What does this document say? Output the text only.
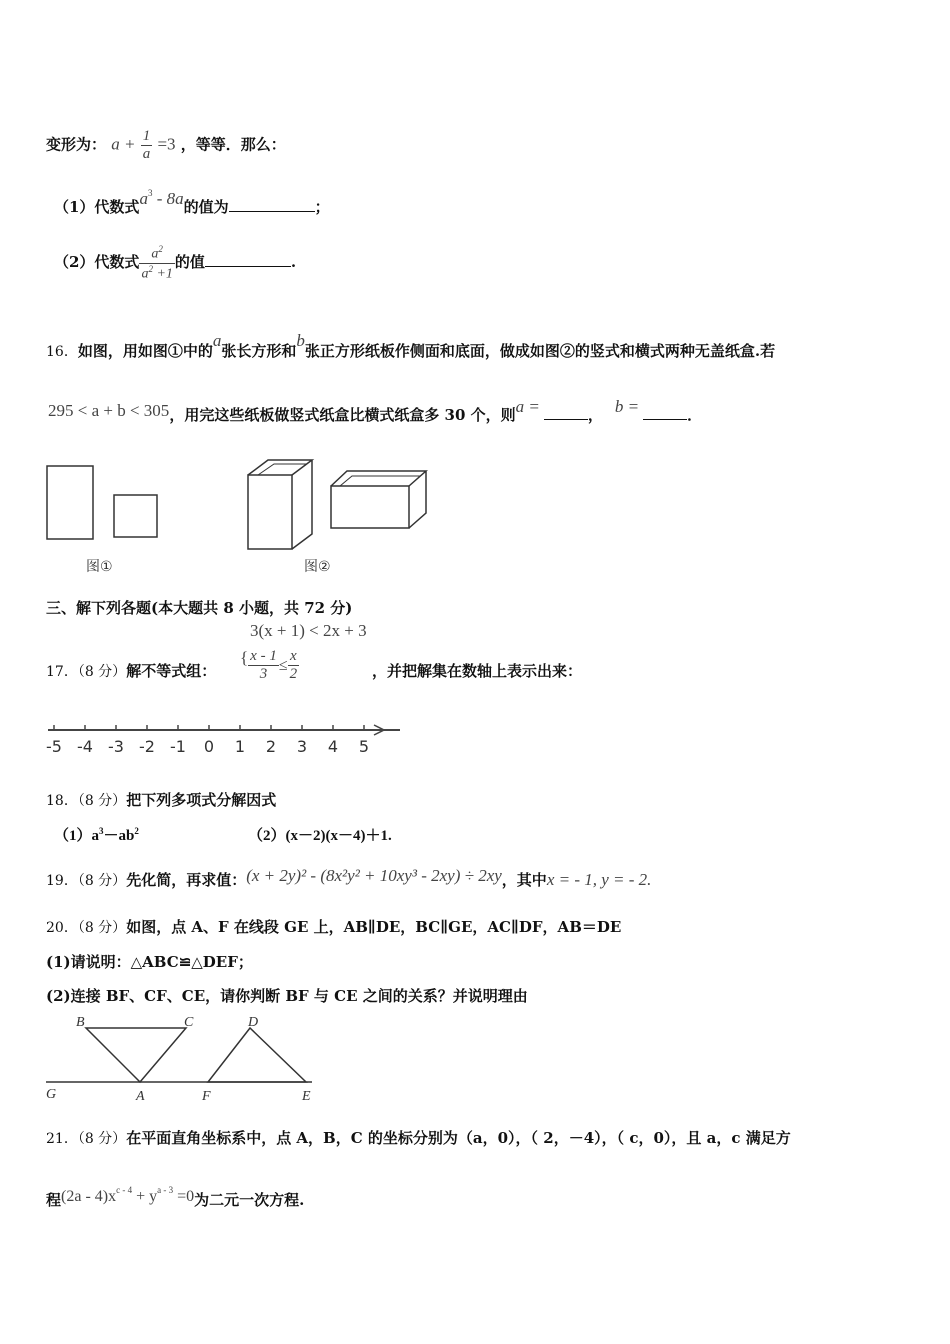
变形为： $a + \frac{1}{a} =3$ ，等等．那么：
（1）代数式$a^3 - 8a$的值为	；
（2）代数式 $\frac{a^2}{a^2 +1}$ 的值	.
16．如图，用如图①中的a张长方形和b张正方形纸板作侧面和底面，做成如图②的竖式和横式两种无盖纸盒.若
295 < a + b < 305，用完这些纸板做竖式纸盒比横式纸盒多 30 个，则a =	， b =	．
图①	图②
三、解下列各题(本大题共 8 小题，共 72 分)
3(x + 1) < 2x + 3
17．（8 分）解不等式组：
{ $\frac{x - 1}{3} \le \frac{x}{2}$	，并把解集在数轴上表示出来：
-5 -4 -3 -2 -1 0 1 2 3 4 5
18．（8 分）把下列多项式分解因式
$(1)a^3-ab^2$	（2）(x－2)(x－4)＋1.
19．（8 分）先化简，再求值：(x + 2y)² - (8x²y² + 10xy³ - 2xy) ÷ 2xy，其中x = - 1, y = - 2.
20．（8 分）如图，点 A、F 在线段 GE 上，AB∥DE，BC∥GE，AC∥DF，AB＝DE
(1)请说明：△ABC≌△DEF；
(2)连接 BF、CF、CE，请你判断 BF 与 CE 之间的关系？并说明理由
B	C	D
G	A	F	E
21．（8 分）在平面直角坐标系中，点 A，B，C 的坐标分别为（a，0），（ 2，－4），（ c，0），且 a，c 满足方
程$(2a - 4)x^{c - 4} + y^{a - 3} =0$为二元一次方程.
